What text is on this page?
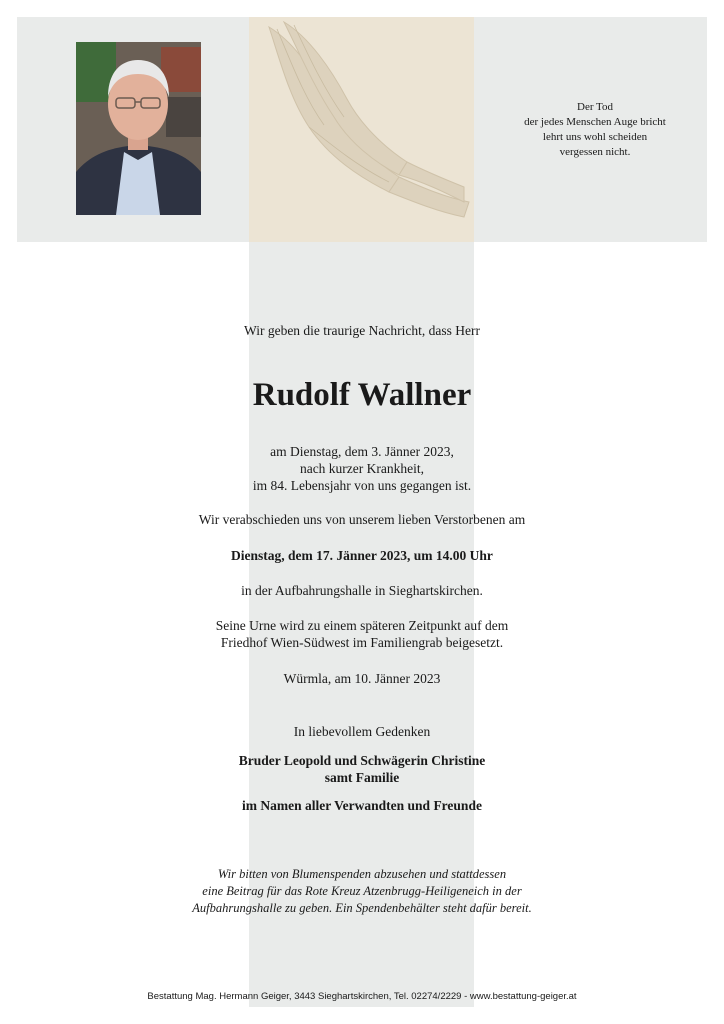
Der Tod
der jedes Menschen Auge bricht
lehrt uns wohl scheiden
vergessen nicht.
Wir geben die traurige Nachricht, dass Herr
Rudolf Wallner
am Dienstag, dem 3. Jänner 2023,
nach kurzer Krankheit,
im 84. Lebensjahr von uns gegangen ist.
Wir verabschieden uns von unserem lieben Verstorbenen am
Dienstag, dem 17. Jänner 2023, um 14.00 Uhr
in der Aufbahrungshalle in Sieghartskirchen.
Seine Urne wird zu einem späteren Zeitpunkt auf dem
Friedhof Wien-Südwest im Familiengrab beigesetzt.
Würmla, am 10. Jänner 2023
In liebevollem Gedenken
Bruder Leopold und Schwägerin Christine
samt Familie
im Namen aller Verwandten und Freunde
Wir bitten von Blumenspenden abzusehen und stattdessen
eine Beitrag für das Rote Kreuz Atzenbrugg-Heiligeneich in der
Aufbahrungshalle zu geben. Ein Spendenbehälter steht dafür bereit.
Bestattung Mag. Hermann Geiger, 3443 Sieghartskirchen, Tel. 02274/2229 - www.bestattung-geiger.at
